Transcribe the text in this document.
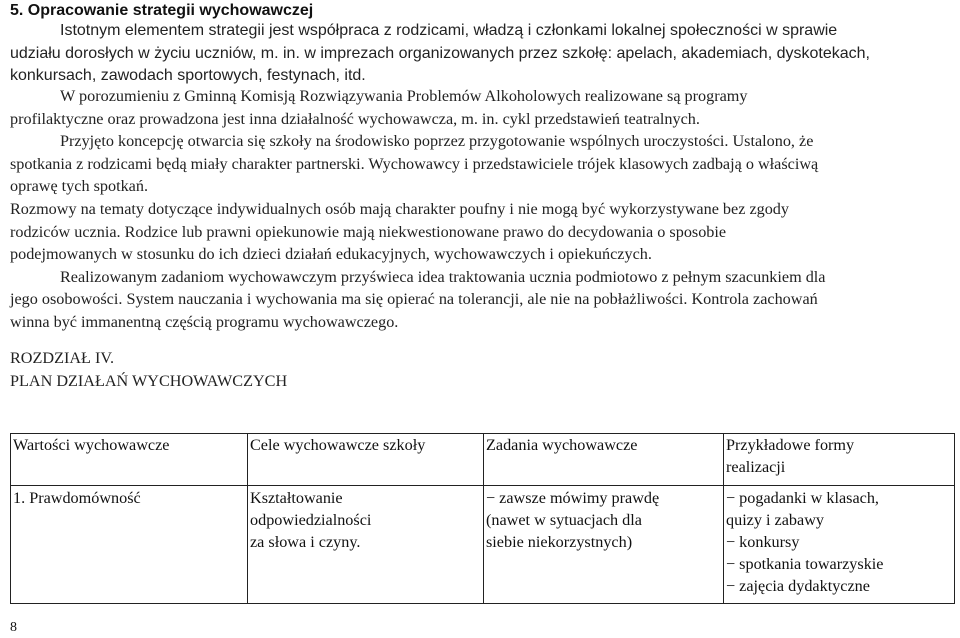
5. Opracowanie strategii wychowawczej
Istotnym elementem strategii jest współpraca z rodzicami, władzą i członkami lokalnej społeczności w sprawie
udziału dorosłych w życiu uczniów, m. in. w imprezach organizowanych przez szkołę: apelach, akademiach, dyskotekach,
konkursach, zawodach sportowych, festynach, itd.

W porozumieniu z Gminną Komisją Rozwiązywania Problemów Alkoholowych realizowane są programy
profilaktyczne oraz prowadzona jest inna działalność wychowawcza, m. in. cykl przedstawień teatralnych.

Przyjęto koncepcję otwarcia się szkoły na środowisko poprzez przygotowanie wspólnych uroczystości. Ustalono, że
spotkania z rodzicami będą miały charakter partnerski. Wychowawcy i przedstawiciele trójek klasowych zadbają o właściwą
oprawę tych spotkań.

Rozmowy na tematy dotyczące indywidualnych osób mają charakter poufny i nie mogą być wykorzystywane bez zgody
rodziców ucznia. Rodzice lub prawni opiekunowie mają niekwestionowane prawo do decydowania o sposobie
podejmowanych w stosunku do ich dzieci działań edukacyjnych, wychowawczych i opiekuńczych.

Realizowanym zadaniom wychowawczym przyświeca idea traktowania ucznia podmiotowo z pełnym szacunkiem dla
jego osobowości. System nauczania i wychowania ma się opierać na tolerancji, ale nie na pobłażliwości. Kontrola zachowań
winna być immanentną częścią programu wychowawczego.

ROZDZIAŁ IV.
PLAN DZIAŁAŃ WYCHOWAWCZYCH
Wartości wychowawcze	Cele wychowawcze szkoły	Zadania wychowawcze	Przykładowe formy
realizacji

1. Prawdomówność	Kształtowanie
odpowiedzialności
za słowa i czyny.	− zawsze mówimy prawdę
(nawet w sytuacjach dla
siebie niekorzystnych)	− pogadanki w klasach,
quizy i zabawy
− konkursy
− spotkania towarzyskie
− zajęcia dydaktyczne
8
